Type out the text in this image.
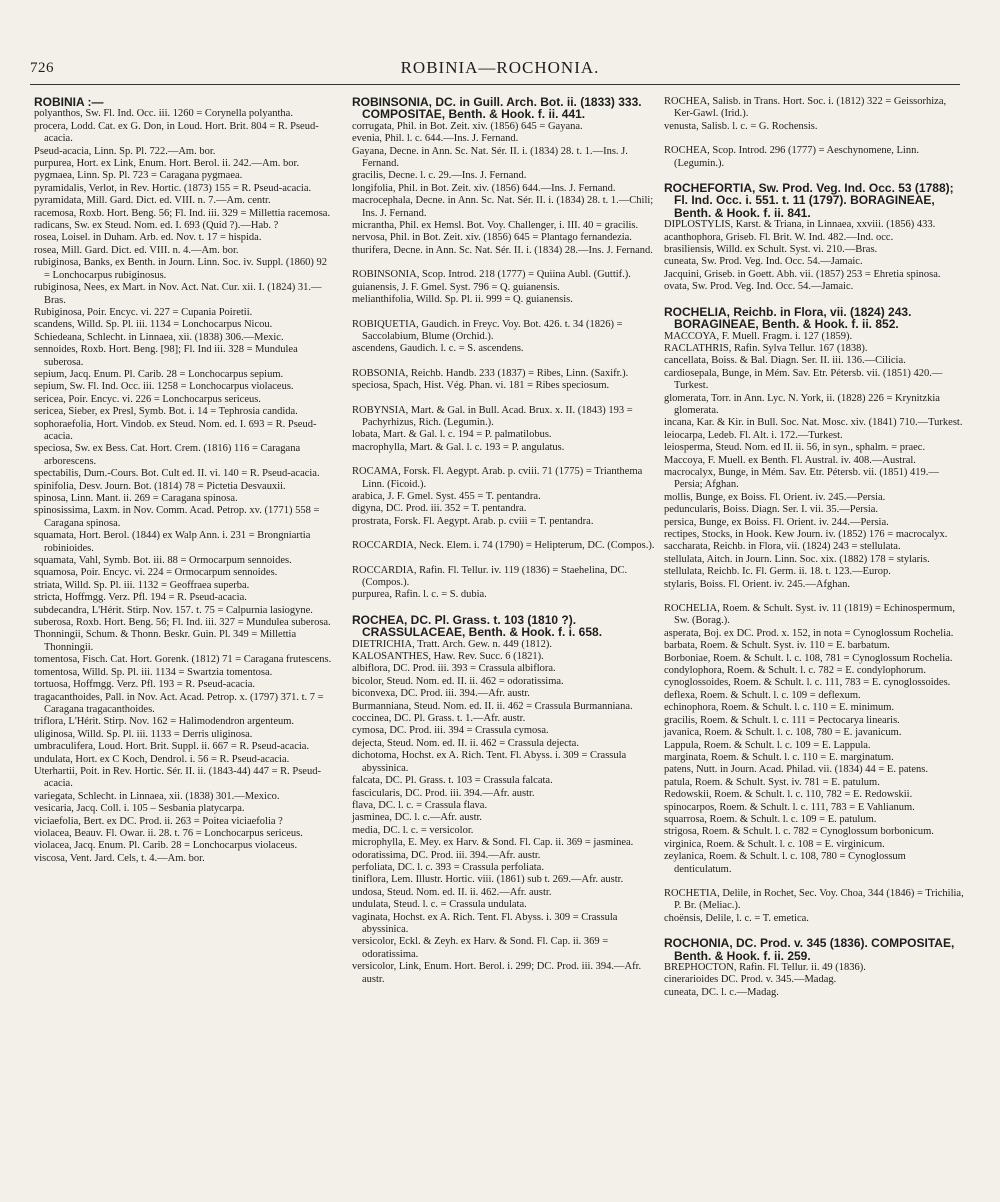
726	ROBINIA—ROCHONIA.

ROBINIA :—

polyanthos, Sw. Fl. Ind. Occ. iii. 1260 = Corynella polyantha.

procera, Lodd. Cat. ex G. Don, in Loud. Hort. Brit. 804 = R. Pseud-acacia.

Pseud-acacia, Linn. Sp. Pl. 722.—Am. bor.

purpurea, Hort. ex Link, Enum. Hort. Berol. ii. 242.—Am. bor.

pygmaea, Linn. Sp. Pl. 723 = Caragana pygmaea.

pyramidalis, Verlot, in Rev. Hortic. (1873) 155 = R. Pseud-acacia.

pyramidata, Mill. Gard. Dict. ed. VIII. n. 7.—Am. centr.

racemosa, Roxb. Hort. Beng. 56; Fl. Ind. iii. 329 = Millettia racemosa.

radicans, Sw. ex Steud. Nom. ed. I. 693 (Quid ?).—Hab. ?

rosea, Loisel. in Duham. Arb. ed. Nov. t. 17 = hispida.

rosea, Mill. Gard. Dict. ed. VIII. n. 4.—Am. bor.

rubiginosa, Banks, ex Benth. in Journ. Linn. Soc. iv. Suppl. (1860) 92 = Lonchocarpus rubiginosus.

rubiginosa, Nees, ex Mart. in Nov. Act. Nat. Cur. xii. I. (1824) 31.—Bras.

Rubiginosa, Poir. Encyc. vi. 227 = Cupania Poiretii.

scandens, Willd. Sp. Pl. iii. 1134 = Lonchocarpus Nicou.

Schiedeana, Schlecht. in Linnaea, xii. (1838) 306.—Mexic.

sennoides, Roxb. Hort. Beng. [98]; Fl. Ind iii. 328 = Mundulea suberosa.

sepium, Jacq. Enum. Pl. Carib. 28 = Lonchocarpus sepium.

sepium, Sw. Fl. Ind. Occ. iii. 1258 = Lonchocarpus violaceus.

sericea, Poir. Encyc. vi. 226 = Lonchocarpus sericeus.

sericea, Sieber, ex Presl, Symb. Bot. i. 14 = Tephrosia candida.

sophoraefolia, Hort. Vindob. ex Steud. Nom. ed. I. 693 = R. Pseud-acacia.

speciosa, Sw. ex Bess. Cat. Hort. Crem. (1816) 116 = Caragana arborescens.

spectabilis, Dum.-Cours. Bot. Cult ed. II. vi. 140 = R. Pseud-acacia.

spinifolia, Desv. Journ. Bot. (1814) 78 = Pictetia Desvauxii.

spinosa, Linn. Mant. ii. 269 = Caragana spinosa.

spinosissima, Laxm. in Nov. Comm. Acad. Petrop. xv. (1771) 558 = Caragana spinosa.

squamata, Hort. Berol. (1844) ex Walp Ann. i. 231 = Brongniartia robinioides.

squamata, Vahl, Symb. Bot. iii. 88 = Ormocarpum sennoides.

squamosa, Poir. Encyc. vi. 224 = Ormocarpum sennoides.

striata, Willd. Sp. Pl. iii. 1132 = Geoffraea superba.

stricta, Hoffmgg. Verz. Pfl. 194 = R. Pseud-acacia.

subdecandra, L'Hérit. Stirp. Nov. 157. t. 75 = Calpurnia lasiogyne.

suberosa, Roxb. Hort. Beng. 56; Fl. Ind. iii. 327 = Mundulea suberosa.

Thonningii, Schum. & Thonn. Beskr. Guin. Pl. 349 = Millettia Thonningii.

tomentosa, Fisch. Cat. Hort. Gorenk. (1812) 71 = Caragana frutescens.

tomentosa, Willd. Sp. Pl. iii. 1134 = Swartzia tomentosa.

tortuosa, Hoffmgg. Verz. Pfl. 193 = R. Pseud-acacia.

tragacanthoides, Pall. in Nov. Act. Acad. Petrop. x. (1797) 371. t. 7 = Caragana tragacanthoides.

triflora, L'Hérit. Stirp. Nov. 162 = Halimodendron argenteum.

uliginosa, Willd. Sp. Pl. iii. 1133 = Derris uliginosa.

umbraculifera, Loud. Hort. Brit. Suppl. ii. 667 = R. Pseud-acacia.

undulata, Hort. ex C Koch, Dendrol. i. 56 = R. Pseud-acacia.

Uterhartii, Poit. in Rev. Hortic. Sér. II. ii. (1843-44) 447 = R. Pseud-acacia.

variegata, Schlecht. in Linnaea, xii. (1838) 301.—Mexico.

vesicaria, Jacq. Coll. i. 105 – Sesbania platycarpa.

viciaefolia, Bert. ex DC. Prod. ii. 263 = Poitea viciaefolia ?

violacea, Beauv. Fl. Owar. ii. 28. t. 76 = Lonchocarpus sericeus.

violacea, Jacq. Enum. Pl. Carib. 28 = Lonchocarpus violaceus.

viscosa, Vent. Jard. Cels, t. 4.—Am. bor.

ROBINSONIA, DC. in Guill. Arch. Bot. ii. (1833) 333. COMPOSITAE, Benth. & Hook. f. ii. 441.

corrugata, Phil. in Bot. Zeit. xiv. (1856) 645 = Gayana.

evenia, Phil. l. c. 644.—Ins. J. Fernand.

Gayana, Decne. in Ann. Sc. Nat. Sér. II. i. (1834) 28. t. 1.—Ins. J. Fernand.

gracilis, Decne. l. c. 29.—Ins. J. Fernand.

longifolia, Phil. in Bot. Zeit. xiv. (1856) 644.—Ins. J. Fernand.

macrocephala, Decne. in Ann. Sc. Nat. Sér. II. i. (1834) 28. t. 1.—Chili; Ins. J. Fernand.

micrantha, Phil. ex Hemsl. Bot. Voy. Challenger, i. III. 40 = gracilis.

nervosa, Phil. in Bot. Zeit. xiv. (1856) 645 = Plantago fernandezia.

thurifera, Decne. in Ann. Sc. Nat. Sér. II. i. (1834) 28.—Ins. J. Fernand.

ROBINSONIA, Scop. Introd. 218 (1777) = Quiina Aubl. (Guttif.).

guianensis, J. F. Gmel. Syst. 796 = Q. guianensis.

melianthifolia, Willd. Sp. Pl. ii. 999 = Q. guianensis.

ROBIQUETIA, Gaudich. in Freyc. Voy. Bot. 426. t. 34 (1826) = Saccolabium, Blume (Orchid.).

ascendens, Gaudich. l. c. = S. ascendens.

ROBSONIA, Reichb. Handb. 233 (1837) = Ribes, Linn. (Saxifr.).

speciosa, Spach, Hist. Vég. Phan. vi. 181 = Ribes speciosum.

ROBYNSIA, Mart. & Gal. in Bull. Acad. Brux. x. II. (1843) 193 = Pachyrhizus, Rich. (Legumin.).

lobata, Mart. & Gal. l. c. 194 = P. palmatilobus.

macrophylla, Mart. & Gal. l. c. 193 = P. angulatus.

ROCAMA, Forsk. Fl. Aegypt. Arab. p. cviii. 71 (1775) = Trianthema Linn. (Ficoid.).

arabica, J. F. Gmel. Syst. 455 = T. pentandra.

digyna, DC. Prod. iii. 352 = T. pentandra.

prostrata, Forsk. Fl. Aegypt. Arab. p. cviii = T. pentandra.

ROCCARDIA, Neck. Elem. i. 74 (1790) = Helipterum, DC. (Compos.).

ROCCARDIA, Rafin. Fl. Tellur. iv. 119 (1836) = Staehelina, DC. (Compos.).

purpurea, Rafin. l. c. = S. dubia.

ROCHEA, DC. Pl. Grass. t. 103 (1810 ?). CRASSULACEAE, Benth. & Hook. f. i. 658.

DIETRICHIA, Tratt. Arch. Gew. n. 449 (1812).

KALOSANTHES, Haw. Rev. Succ. 6 (1821).

albiflora, DC. Prod. iii. 393 = Crassula albiflora.

bicolor, Steud. Nom. ed. II. ii. 462 = odoratissima.

biconvexa, DC. Prod. iii. 394.—Afr. austr.

Burmanniana, Steud. Nom. ed. II. ii. 462 = Crassula Burmanniana.

coccinea, DC. Pl. Grass. t. 1.—Afr. austr.

cymosa, DC. Prod. iii. 394 = Crassula cymosa.

dejecta, Steud. Nom. ed. II. ii. 462 = Crassula dejecta.

dichotoma, Hochst. ex A. Rich. Tent. Fl. Abyss. i. 309 = Crassula abyssinica.

falcata, DC. Pl. Grass. t. 103 = Crassula falcata.

fascicularis, DC. Prod. iii. 394.—Afr. austr.

flava, DC. l. c. = Crassula flava.

jasminea, DC. l. c.—Afr. austr.

media, DC. l. c. = versicolor.

microphylla, E. Mey. ex Harv. & Sond. Fl. Cap. ii. 369 = jasminea.

odoratissima, DC. Prod. iii. 394.—Afr. austr.

perfoliata, DC. l. c. 393 = Crassula perfoliata.

tiniflora, Lem. Illustr. Hortic. viii. (1861) sub t. 269.—Afr. austr.

undosa, Steud. Nom. ed. II. ii. 462.—Afr. austr.

undulata, Steud. l. c. = Crassula undulata.

vaginata, Hochst. ex A. Rich. Tent. Fl. Abyss. i. 309 = Crassula abyssinica.

versicolor, Eckl. & Zeyh. ex Harv. & Sond. Fl. Cap. ii. 369 = odoratissima.

versicolor, Link, Enum. Hort. Berol. i. 299; DC. Prod. iii. 394.—Afr. austr.

ROCHEA, Salisb. in Trans. Hort. Soc. i. (1812) 322 = Geissorhiza, Ker-Gawl. (Irid.).

venusta, Salisb. l. c. = G. Rochensis.

ROCHEA, Scop. Introd. 296 (1777) = Aeschynomene, Linn. (Legumin.).

ROCHEFORTIA, Sw. Prod. Veg. Ind. Occ. 53 (1788); Fl. Ind. Occ. i. 551. t. 11 (1797). BORAGINEAE, Benth. & Hook. f. ii. 841.

DIPLOSTYLIS, Karst. & Triana, in Linnaea, xxviii. (1856) 433.

acanthophora, Griseb. Fl. Brit. W. Ind. 482.—Ind. occ.

brasiliensis, Willd. ex Schult. Syst. vi. 210.—Bras.

cuneata, Sw. Prod. Veg. Ind. Occ. 54.—Jamaic.

Jacquini, Griseb. in Goett. Abh. vii. (1857) 253 = Ehretia spinosa.

ovata, Sw. Prod. Veg. Ind. Occ. 54.—Jamaic.

ROCHELIA, Reichb. in Flora, vii. (1824) 243. BORAGINEAE, Benth. & Hook. f. ii. 852.

MACCOYA, F. Muell. Fragm. i. 127 (1859).

RACLATHRIS, Rafin. Sylva Tellur. 167 (1838).

cancellata, Boiss. & Bal. Diagn. Ser. II. iii. 136.—Cilicia.

cardiosepala, Bunge, in Mém. Sav. Etr. Pétersb. vii. (1851) 420.—Turkest.

glomerata, Torr. in Ann. Lyc. N. York, ii. (1828) 226 = Krynitzkia glomerata.

incana, Kar. & Kir. in Bull. Soc. Nat. Mosc. xiv. (1841) 710.—Turkest.

leiocarpa, Ledeb. Fl. Alt. i. 172.—Turkest.

leiosperma, Steud. Nom. ed II. ii. 56, in syn., sphalm. = praec.

Maccoya, F. Muell. ex Benth. Fl. Austral. iv. 408.—Austral.

macrocalyx, Bunge, in Mém. Sav. Etr. Pétersb. vii. (1851) 419.—Persia; Afghan.

mollis, Bunge, ex Boiss. Fl. Orient. iv. 245.—Persia.

peduncularis, Boiss. Diagn. Ser. I. vii. 35.—Persia.

persica, Bunge, ex Boiss. Fl. Orient. iv. 244.—Persia.

rectipes, Stocks, in Hook. Kew Journ. iv. (1852) 176 = macrocalyx.

saccharata, Reichb. in Flora, vii. (1824) 243 = stellulata.

stellulata, Aitch. in Journ. Linn. Soc. xix. (1882) 178 = stylaris.

stellulata, Reichb. Ic. Fl. Germ. ii. 18. t. 123.—Europ.

stylaris, Boiss. Fl. Orient. iv. 245.—Afghan.

ROCHELIA, Roem. & Schult. Syst. iv. 11 (1819) = Echinospermum, Sw. (Borag.).

asperata, Boj. ex DC. Prod. x. 152, in nota = Cynoglossum Rochelia.

barbata, Roem. & Schult. Syst. iv. 110 = E. barbatum.

Borboniae, Roem. & Schult. l. c. 108, 781 = Cynoglossum Rochelia.

condylophora, Roem. & Schult. l. c. 782 = E. condylophorum.

cynoglossoides, Roem. & Schult. l. c. 111, 783 = E. cynoglossoides.

deflexa, Roem. & Schult. l. c. 109 = deflexum.

echinophora, Roem. & Schult. l. c. 110 = E. minimum.

gracilis, Roem. & Schult. l. c. 111 = Pectocarya linearis.

javanica, Roem. & Schult. l. c. 108, 780 = E. javanicum.

Lappula, Roem. & Schult. l. c. 109 = E. Lappula.

marginata, Roem. & Schult. l. c. 110 = E. marginatum.

patens, Nutt. in Journ. Acad. Philad. vii. (1834) 44 = E. patens.

patula, Roem. & Schult. Syst. iv. 781 = E. patulum.

Redowskii, Roem. & Schult. l. c. 110, 782 = E. Redowskii.

spinocarpos, Roem. & Schult. l. c. 111, 783 = E Vahlianum.

squarrosa, Roem. & Schult. l. c. 109 = E. patulum.

strigosa, Roem. & Schult. l. c. 782 = Cynoglossum borbonicum.

virginica, Roem. & Schult. l. c. 108 = E. virginicum.

zeylanica, Roem. & Schult. l. c. 108, 780 = Cynoglossum denticulatum.

ROCHETIA, Delile, in Rochet, Sec. Voy. Choa, 344 (1846) = Trichilia, P. Br. (Meliac.).

choënsis, Delile, l. c. = T. emetica.

ROCHONIA, DC. Prod. v. 345 (1836). COMPOSITAE, Benth. & Hook. f. ii. 259.

BREPHOCTON, Rafin. Fl. Tellur. ii. 49 (1836).

cinerarioides DC. Prod. v. 345.—Madag.

cuneata, DC. l. c.—Madag.
